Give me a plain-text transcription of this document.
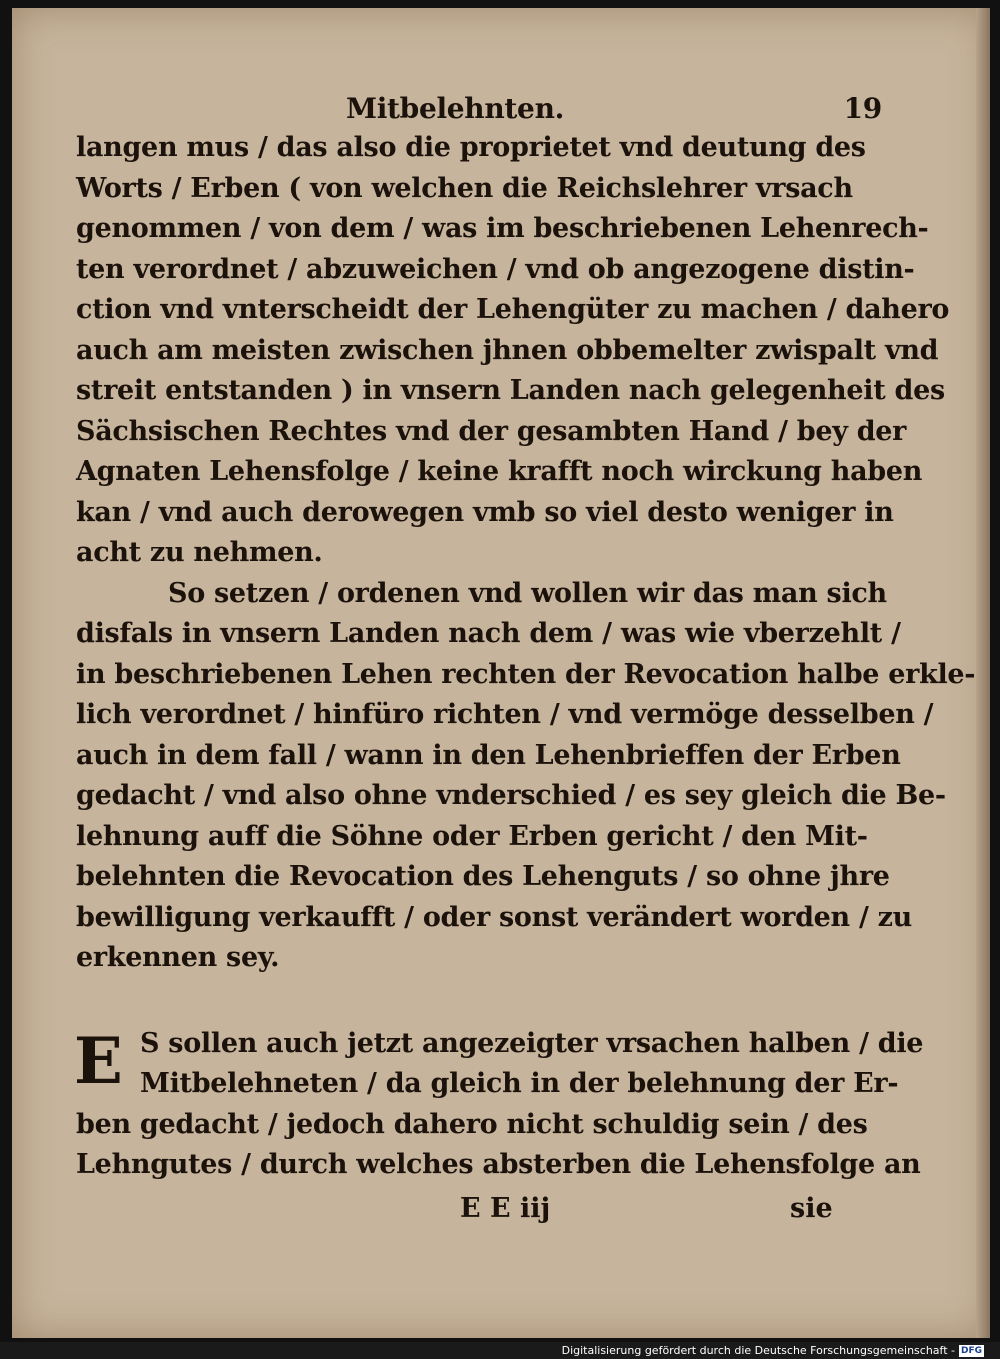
Mitbelehnten.	19
langen mus / das also die proprietet vnd deutung des
Worts / Erben ( von welchen die Reichslehrer vrsach
genommen / von dem / was im beschriebenen Lehenrech-
ten verordnet / abzuweichen / vnd ob angezogene distin-
ction vnd vnterscheidt der Lehengüter zu machen / dahero
auch am meisten zwischen jhnen obbemelter zwispalt vnd
streit entstanden ) in vnsern Landen nach gelegenheit des
Sächsischen Rechtes vnd der gesambten Hand / bey der
Agnaten Lehensfolge / keine krafft noch wirckung haben
kan / vnd auch derowegen vmb so viel desto weniger in
acht zu nehmen.
So setzen / ordenen vnd wollen wir das man sich
disfals in vnsern Landen nach dem / was wie vberzehlt /
in beschriebenen Lehen rechten der Revocation halbe erkle-
lich verordnet / hinfüro richten / vnd vermöge desselben /
auch in dem fall / wann in den Lehenbrieffen der Erben
gedacht / vnd also ohne vnderschied / es sey gleich die Be-
lehnung auff die Söhne oder Erben gericht / den Mit-
belehnten die Revocation des Lehenguts / so ohne jhre
bewilligung verkaufft / oder sonst verändert worden / zu
erkennen sey.
E S sollen auch jetzt angezeigter vrsachen halben / die
Mitbelehneten / da gleich in der belehnung der Er-
ben gedacht / jedoch dahero nicht schuldig sein / des
Lehngutes / durch welches absterben die Lehensfolge an
E E iij	sie
Digitalisierung gefördert durch die Deutsche Forschungsgemeinschaft - DFG
